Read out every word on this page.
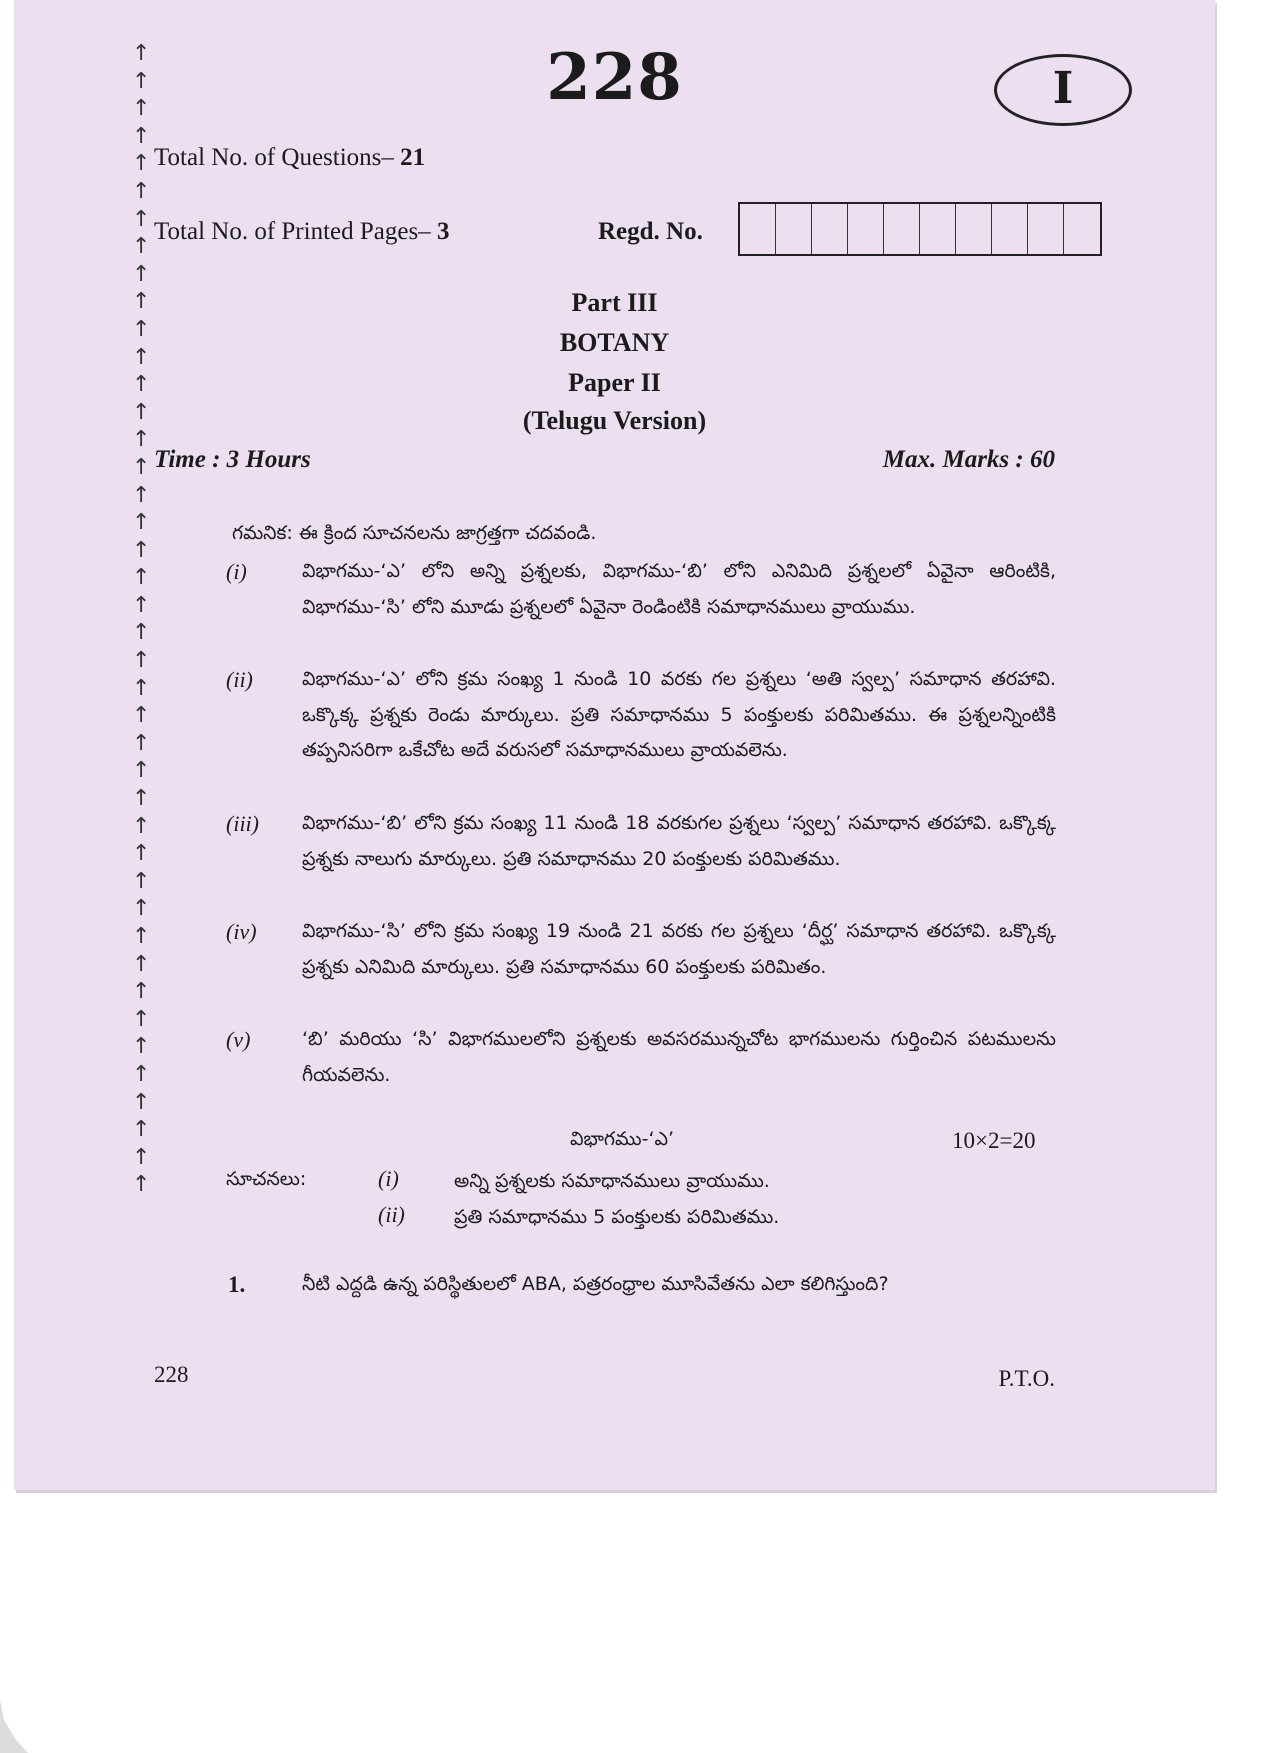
↑
↑
↑
↑
↑
↑
↑
↑
↑
↑
↑
↑
↑
↑
↑
↑
↑
↑
↑
↑
↑
↑
↑
↑
↑
↑
↑
↑
↑
↑
↑
↑
↑
↑
↑
↑
↑
↑
↑
↑
↑
↑
228	I
Total No. of Questions– 21
Total No. of Printed Pages– 3	Regd. No.
Part III
BOTANY
Paper II
(Telugu Version)
Time : 3 Hours	Max. Marks : 60
గమనిక: ఈ క్రింద సూచనలను జాగ్రత్తగా చదవండి.
(i)	విభాగము-‘ఎ’ లోని అన్ని ప్రశ్నలకు, విభాగము-‘బి’ లోని ఎనిమిది ప్రశ్నలలో ఏవైనా ఆరింటికి, విభాగము-‘సి’ లోని మూడు ప్రశ్నలలో ఏవైనా రెండింటికి సమాధానములు వ్రాయుము.
(ii)	విభాగము-‘ఎ’ లోని క్రమ సంఖ్య 1 నుండి 10 వరకు గల ప్రశ్నలు ‘అతి స్వల్ప’ సమాధాన తరహావి. ఒక్కొక్క ప్రశ్నకు రెండు మార్కులు. ప్రతి సమాధానము 5 పంక్తులకు పరిమితము. ఈ ప్రశ్నలన్నింటికి తప్పనిసరిగా ఒకేచోట అదే వరుసలో సమాధానములు వ్రాయవలెను.
(iii) విభాగము-‘బి’ లోని క్రమ సంఖ్య 11 నుండి 18 వరకుగల ప్రశ్నలు ‘స్వల్ప’ సమాధాన తరహావి. ఒక్కొక్క ప్రశ్నకు నాలుగు మార్కులు. ప్రతి సమాధానము 20 పంక్తులకు పరిమితము.
(iv) విభాగము-‘సి’ లోని క్రమ సంఖ్య 19 నుండి 21 వరకు గల ప్రశ్నలు ‘దీర్ఘ’ సమాధాన తరహావి. ఒక్కొక్క ప్రశ్నకు ఎనిమిది మార్కులు. ప్రతి సమాధానము 60 పంక్తులకు పరిమితం.
(v)	‘బి’ మరియు ‘సి’ విభాగములలోని ప్రశ్నలకు అవసరమున్నచోట భాగములను గుర్తించిన పటములను గీయవలెను.
విభాగము-‘ఎ’	10×2=20
సూచనలు:	(i)	అన్ని ప్రశ్నలకు సమాధానములు వ్రాయుము.
(ii)	ప్రతి సమాధానము 5 పంక్తులకు పరిమితము.
1.	నీటి ఎద్దడి ఉన్న పరిస్థితులలో ABA, పత్రరంధ్రాల మూసివేతను ఎలా కలిగిస్తుంది?
228	P.T.O.
